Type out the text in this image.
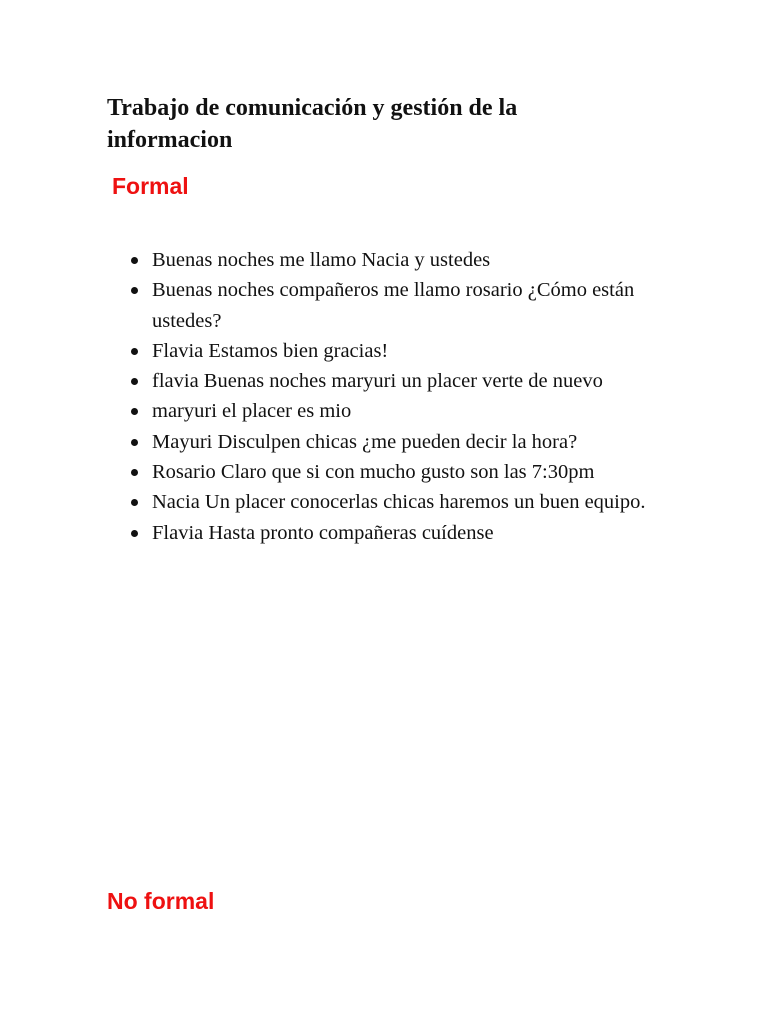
Trabajo de comunicación y gestión de la informacion
Formal
Buenas noches me llamo Nacia y ustedes
Buenas noches compañeros me llamo rosario ¿Cómo están ustedes?
Flavia Estamos bien gracias!
flavia Buenas noches maryuri un placer verte de nuevo
maryuri el placer es mio
Mayuri Disculpen chicas ¿me pueden decir la hora?
Rosario Claro que si con mucho gusto son las 7:30pm
Nacia Un placer conocerlas chicas haremos un buen equipo.
Flavia Hasta pronto compañeras cuídense
No formal
